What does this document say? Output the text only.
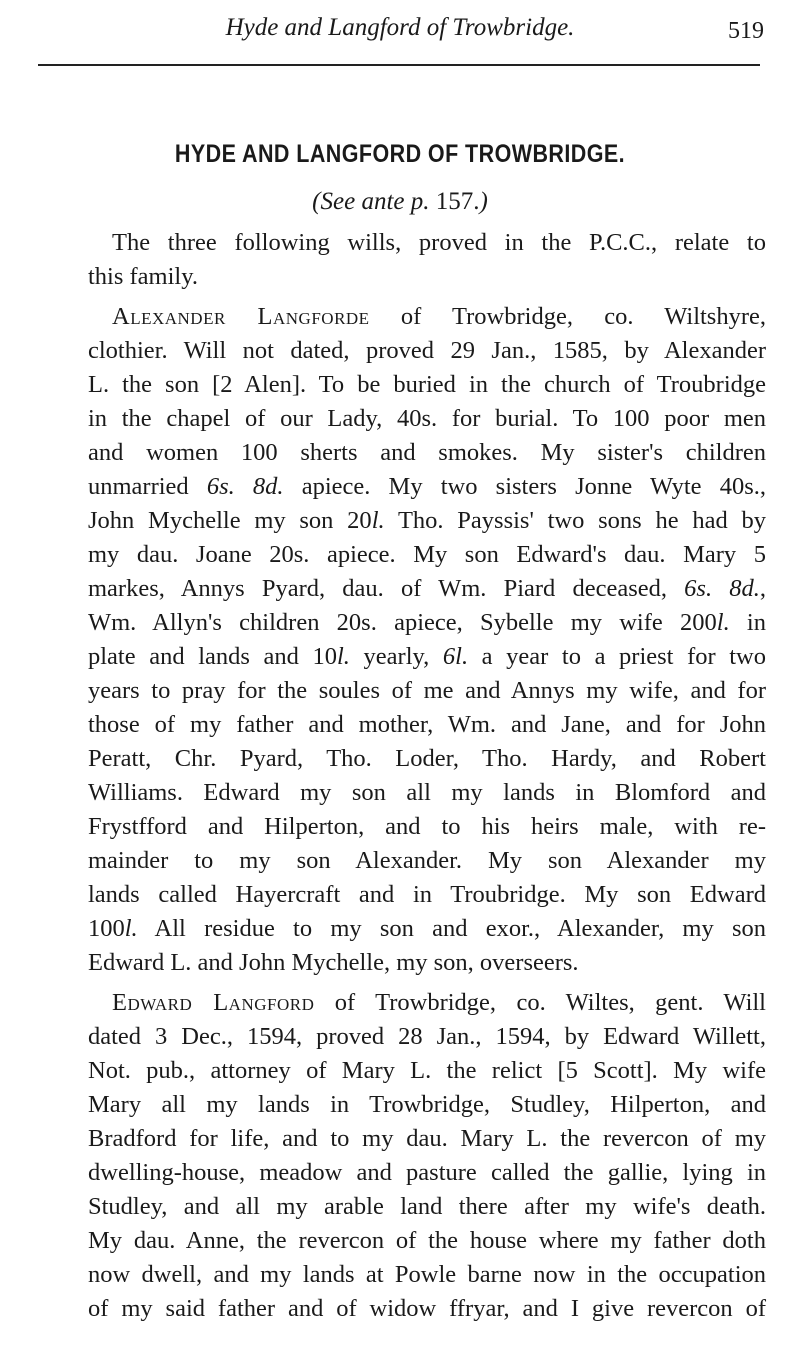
Hyde and Langford of Trowbridge.	519
HYDE AND LANGFORD OF TROWBRIDGE.
(See ante p. 157.)
The three following wills, proved in the P.C.C., relate to
this family.
Alexander Langforde of Trowbridge, co. Wiltshyre,
clothier. Will not dated, proved 29 Jan., 1585, by Alexander
L. the son [2 Alen]. To be buried in the church of Troubridge
in the chapel of our Lady, 40s. for burial. To 100 poor men
and women 100 sherts and smokes. My sister's children
unmarried 6s. 8d. apiece. My two sisters Jonne Wyte 40s.,
John Mychelle my son 20l. Tho. Payssis' two sons he had by
my dau. Joane 20s. apiece. My son Edward's dau. Mary 5
markes, Annys Pyard, dau. of Wm. Piard deceased, 6s. 8d.,
Wm. Allyn's children 20s. apiece, Sybelle my wife 200l. in
plate and lands and 10l. yearly, 6l. a year to a priest for two
years to pray for the soules of me and Annys my wife, and for
those of my father and mother, Wm. and Jane, and for John
Peratt, Chr. Pyard, Tho. Loder, Tho. Hardy, and Robert
Williams. Edward my son all my lands in Blomford and
Frystfford and Hilperton, and to his heirs male, with re-
mainder to my son Alexander. My son Alexander my
lands called Hayercraft and in Troubridge. My son Edward
100l. All residue to my son and exor., Alexander, my son
Edward L. and John Mychelle, my son, overseers.
Edward Langford of Trowbridge, co. Wiltes, gent. Will
dated 3 Dec., 1594, proved 28 Jan., 1594, by Edward Willett,
Not. pub., attorney of Mary L. the relict [5 Scott]. My wife
Mary all my lands in Trowbridge, Studley, Hilperton, and
Bradford for life, and to my dau. Mary L. the revercon of my
dwelling-house, meadow and pasture called the gallie, lying in
Studley, and all my arable land there after my wife's death.
My dau. Anne, the revercon of the house where my father doth
now dwell, and my lands at Powle barne now in the occupation
of my said father and of widow ffryar, and I give revercon of
